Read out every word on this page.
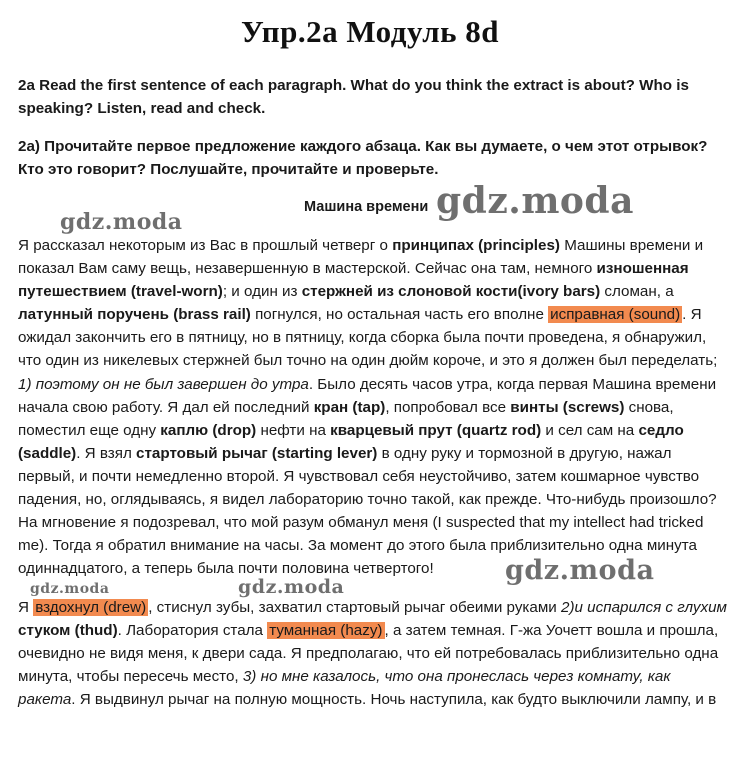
Упр.2а Модуль 8d
2a Read the first sentence of each paragraph. What do you think the extract is about? Who is speaking? Listen, read and check.
2а) Прочитайте первое предложение каждого абзаца. Как вы думаете, о чем этот отрывок? Кто это говорит? Послушайте, прочитайте и проверьте.
Машина времени
Я рассказал некоторым из Вас в прошлый четверг о принципах (principles) Машины времени и показал Вам саму вещь, незавершенную в мастерской. Сейчас она там, немного изношенная путешествием (travel-worn); и один из стержней из слоновой кости(ivory bars) сломан, а латунный поручень (brass rail) погнулся, но остальная часть его вполне исправная (sound) . Я ожидал закончить его в пятницу, но в пятницу, когда сборка была почти проведена, я обнаружил, что один из никелевых стержней был точно на один дюйм короче, и это я должен был переделать; 1) поэтому он не был завершен до утра. Было десять часов утра, когда первая Машина времени начала свою работу. Я дал ей последний кран (tap), попробовал все винты (screws) снова, поместил еще одну каплю (drop) нефти на кварцевый прут (quartz rod) и сел сам на седло (saddle). Я взял стартовый рычаг (starting lever) в одну руку и тормозной в другую, нажал первый, и почти немедленно второй. Я чувствовал себя неустойчиво, затем кошмарное чувство падения, но, оглядываясь, я видел лабораторию точно такой, как прежде. Что-нибудь произошло? На мгновение я подозревал, что мой разум обманул меня (I suspected that my intellect had tricked me). Тогда я обратил внимание на часы. За момент до этого была приблизительно одна минута одиннадцатого, а теперь была почти половина четвертого!
Я вздохнул (drew) , стиснул зубы, захватил стартовый рычаг обеими руками 2)и испарился с глухим стуком (thud). Лаборатория стала туманная (hazy) , а затем темная. Г-жа Уочетт вошла и прошла, очевидно не видя меня, к двери сада. Я предполагаю, что ей потребовалась приблизительно одна минута, чтобы пересечь место, 3) но мне казалось, что она пронеслась через комнату, как ракета. Я выдвинул рычаг на полную мощность. Ночь наступила, как будто выключили лампу, и в
gdz.moda	gdz.moda
gdz.moda
gdz.moda
gdz.moda
